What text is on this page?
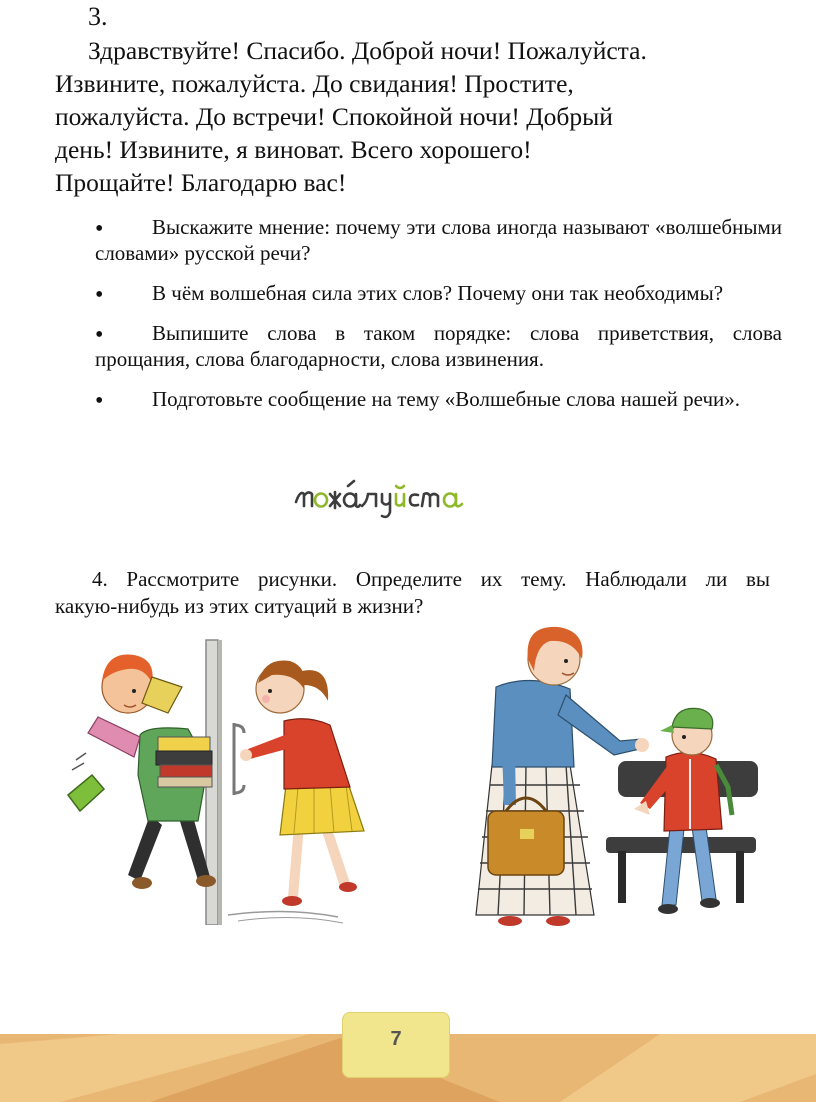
3.
Здравствуйте! Спасибо. Доброй ночи! Пожалуйста.
Извините, пожалуйста. До свидания! Простите,
пожалуйста. До встречи! Спокойной ночи! Добрый
день! Извините, я виноват. Всего хорошего!
Прощайте! Благодарю вас!
•	Выскажите мнение: почему эти слова иногда называют «волшебными словами» русской речи?
•	В чём волшебная сила этих слов? Почему они так необходимы?
•	Выпишите слова в таком порядке: слова приветствия, слова прощания, слова благодарности, слова извинения.
•	Подготовьте сообщение на тему «Волшебные слова нашей речи».
4. Рассмотрите рисунки. Определите их тему. Наблюдали ли вы
какую-нибудь из этих ситуаций в жизни?
7
